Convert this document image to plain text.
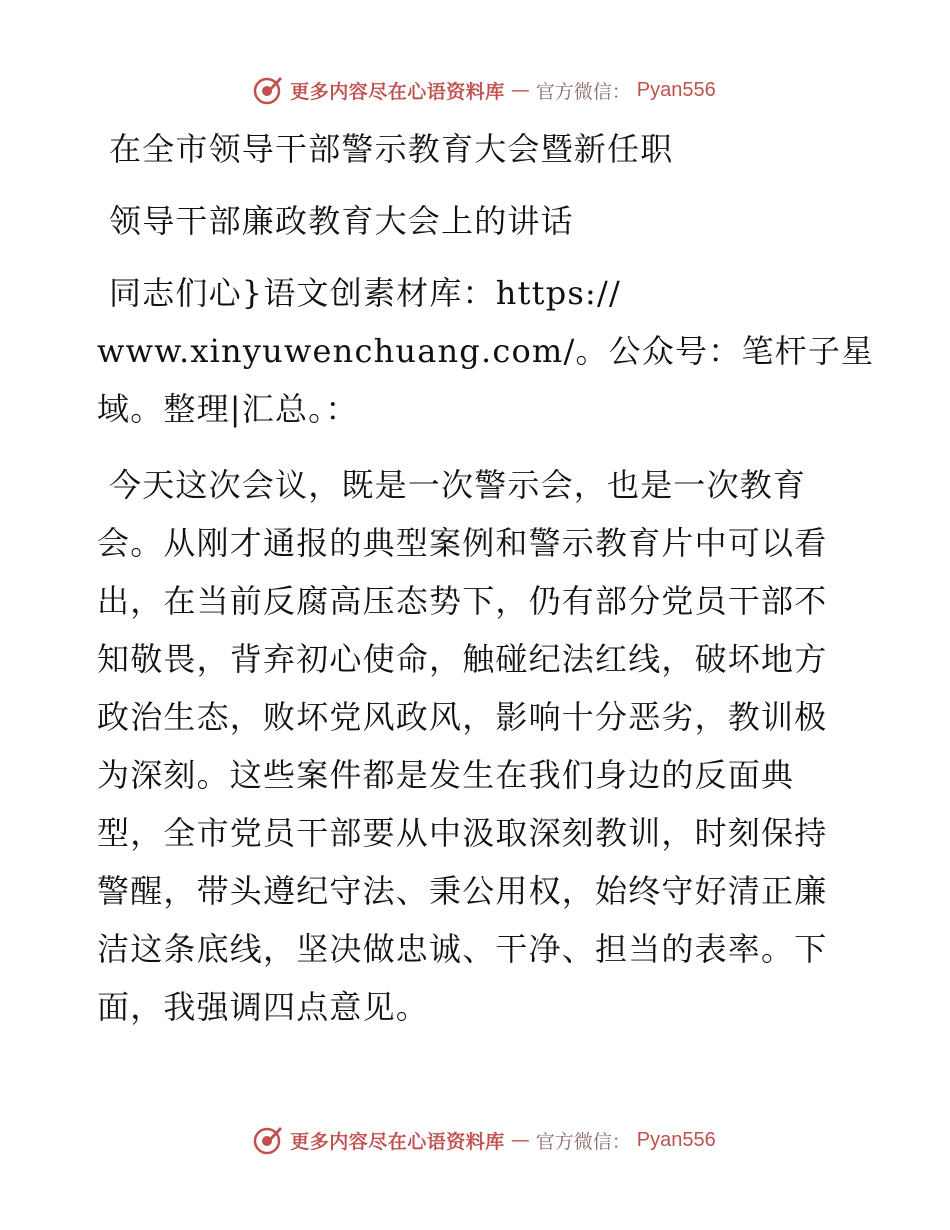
更多内容尽在心语资料库 — 官方微信： Pyan556
在全市领导干部警示教育大会暨新任职
领导干部廉政教育大会上的讲话
同志们心}语文创素材库：https://
www.xinyuwenchuang.com/。公众号：笔杆子星
域。整理|汇总。：
今天这次会议，既是一次警示会，也是一次教育
会。从刚才通报的典型案例和警示教育片中可以看
出，在当前反腐高压态势下，仍有部分党员干部不
知敬畏，背弃初心使命，触碰纪法红线，破坏地方
政治生态，败坏党风政风，影响十分恶劣，教训极
为深刻。这些案件都是发生在我们身边的反面典
型，全市党员干部要从中汲取深刻教训，时刻保持
警醒，带头遵纪守法、秉公用权，始终守好清正廉
洁这条底线，坚决做忠诚、干净、担当的表率。下
面，我强调四点意见。
更多内容尽在心语资料库 — 官方微信： Pyan556
